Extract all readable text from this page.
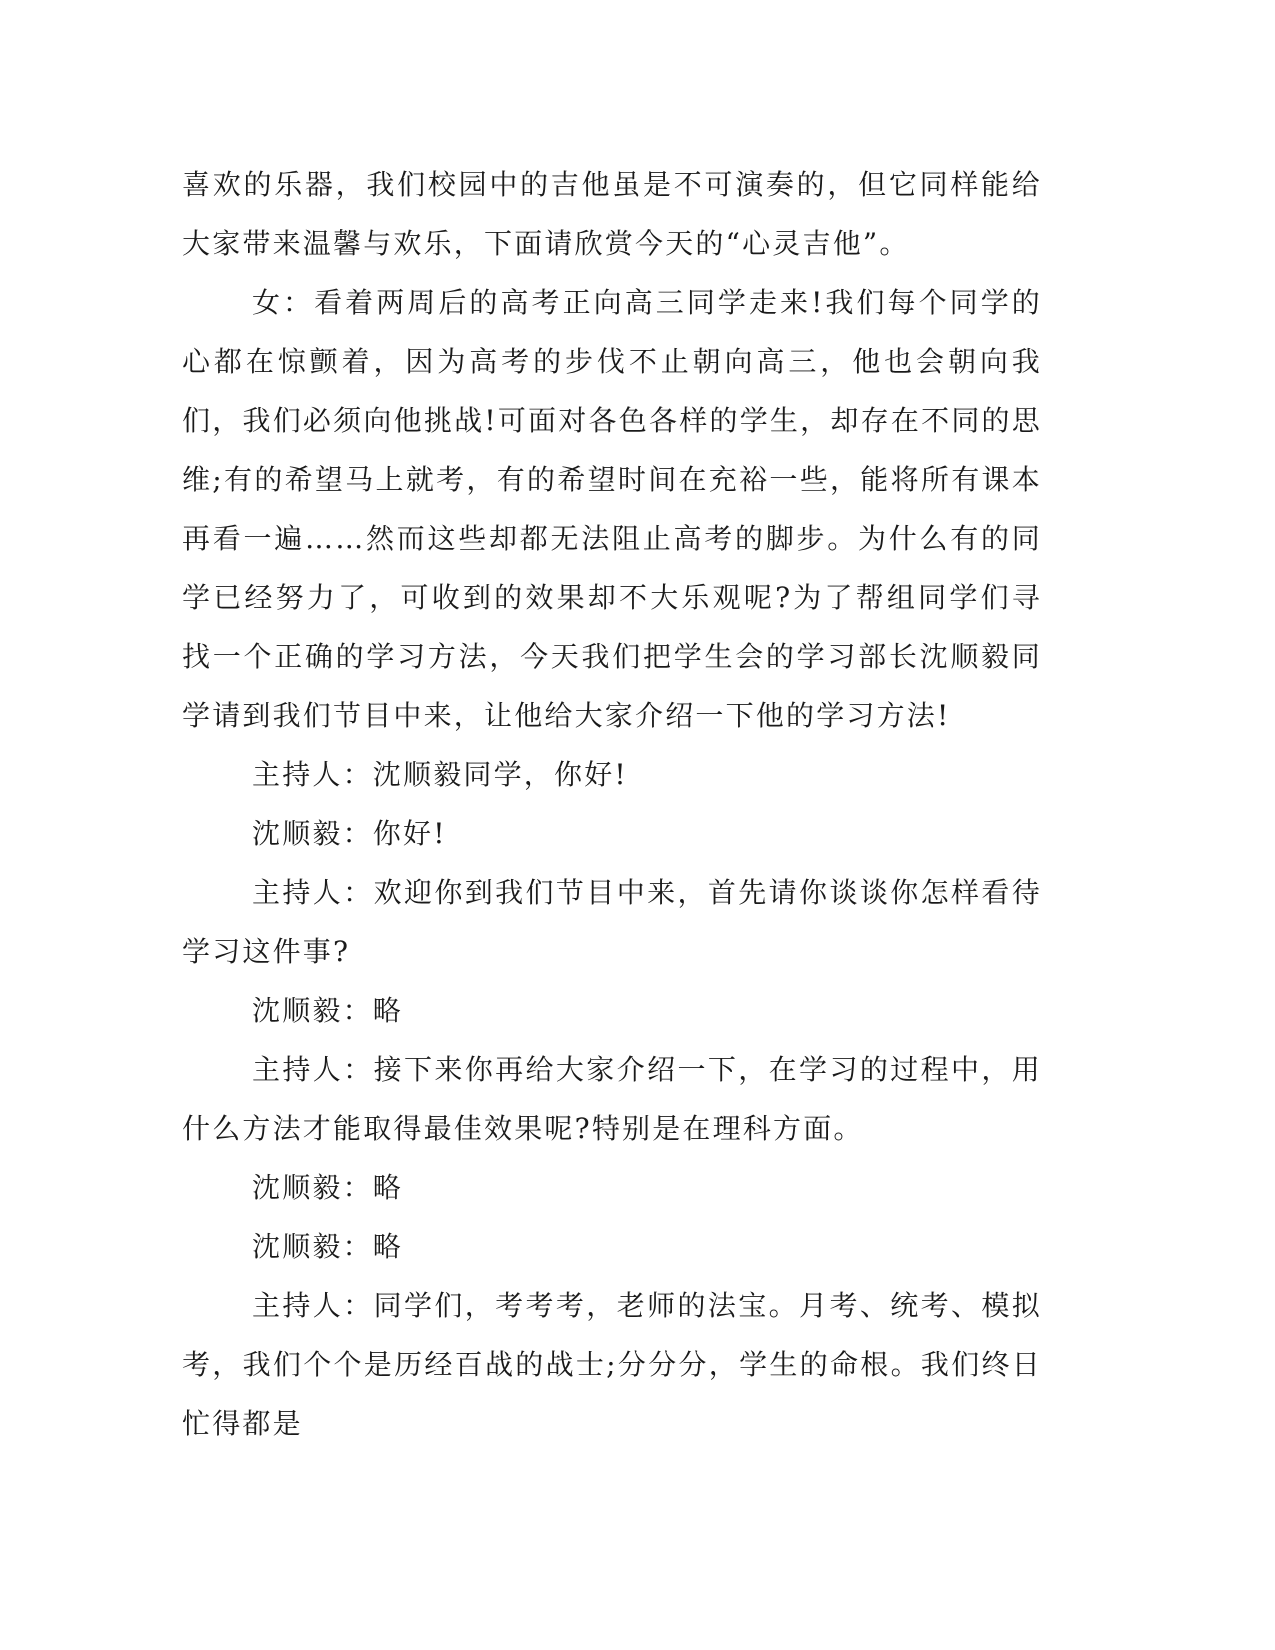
喜欢的乐器，我们校园中的吉他虽是不可演奏的，但它同样能给大家带来温馨与欢乐，下面请欣赏今天的“心灵吉他”。

女：看着两周后的高考正向高三同学走来!我们每个同学的心都在惊颤着，因为高考的步伐不止朝向高三，他也会朝向我们，我们必须向他挑战!可面对各色各样的学生，却存在不同的思维;有的希望马上就考，有的希望时间在充裕一些，能将所有课本再看一遍……然而这些却都无法阻止高考的脚步。为什么有的同学已经努力了，可收到的效果却不大乐观呢?为了帮组同学们寻找一个正确的学习方法，今天我们把学生会的学习部长沈顺毅同学请到我们节目中来，让他给大家介绍一下他的学习方法!

主持人：沈顺毅同学，你好!

沈顺毅：你好!

主持人：欢迎你到我们节目中来，首先请你谈谈你怎样看待学习这件事?

沈顺毅：略

主持人：接下来你再给大家介绍一下，在学习的过程中，用什么方法才能取得最佳效果呢?特别是在理科方面。

沈顺毅：略

沈顺毅：略

主持人：同学们，考考考，老师的法宝。月考、统考、模拟考，我们个个是历经百战的战士;分分分，学生的命根。我们终日忙得都是
